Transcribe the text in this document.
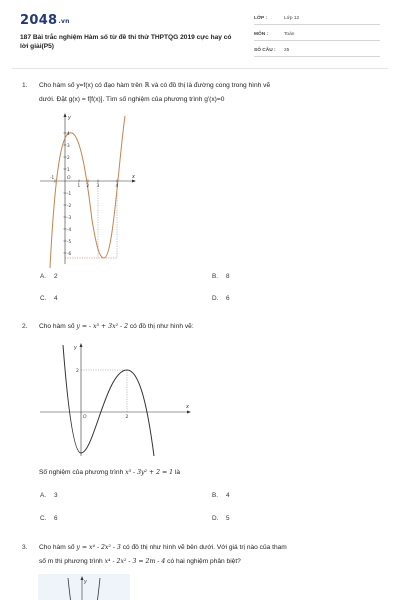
2048.vn
187 Bài trắc nghiệm Hàm số từ đề thi thử THPTQG 2019 cực hay có lời giải(P5)
LỚP :	Lớp 12
MÔN :	Toán
SỐ CÂU : 25
1. Cho hàm số y=f(x) có đạo hàm trên ℝ và có đồ thị là đường cong trong hình vẽ
dưới. Đặt g(x) = f[f(x)]. Tìm số nghiệm của phương trình g'(x)=0
y
x
O
-1
1 2 3	4
4
3
2
1
-1
-2
-3
-4
-5
-6
A. 2	B. 8
C. 4	D. 6
2. Cho hàm số y = - x³ + 3x² - 2 có đồ thị như hình vẽ:
y
x
O	2
2
Số nghiệm của phương trình x³ - 3y² + 2 = 1 là
A. 3	B. 4
C. 6	D. 5
3. Cho hàm số y = x⁴ - 2x² - 3 có đồ thị như hình vẽ bên dưới. Với giá trị nào của tham
số m thì phương trình x⁴ - 2x² - 3 = 2m - 4 có hai nghiệm phân biệt?
y
